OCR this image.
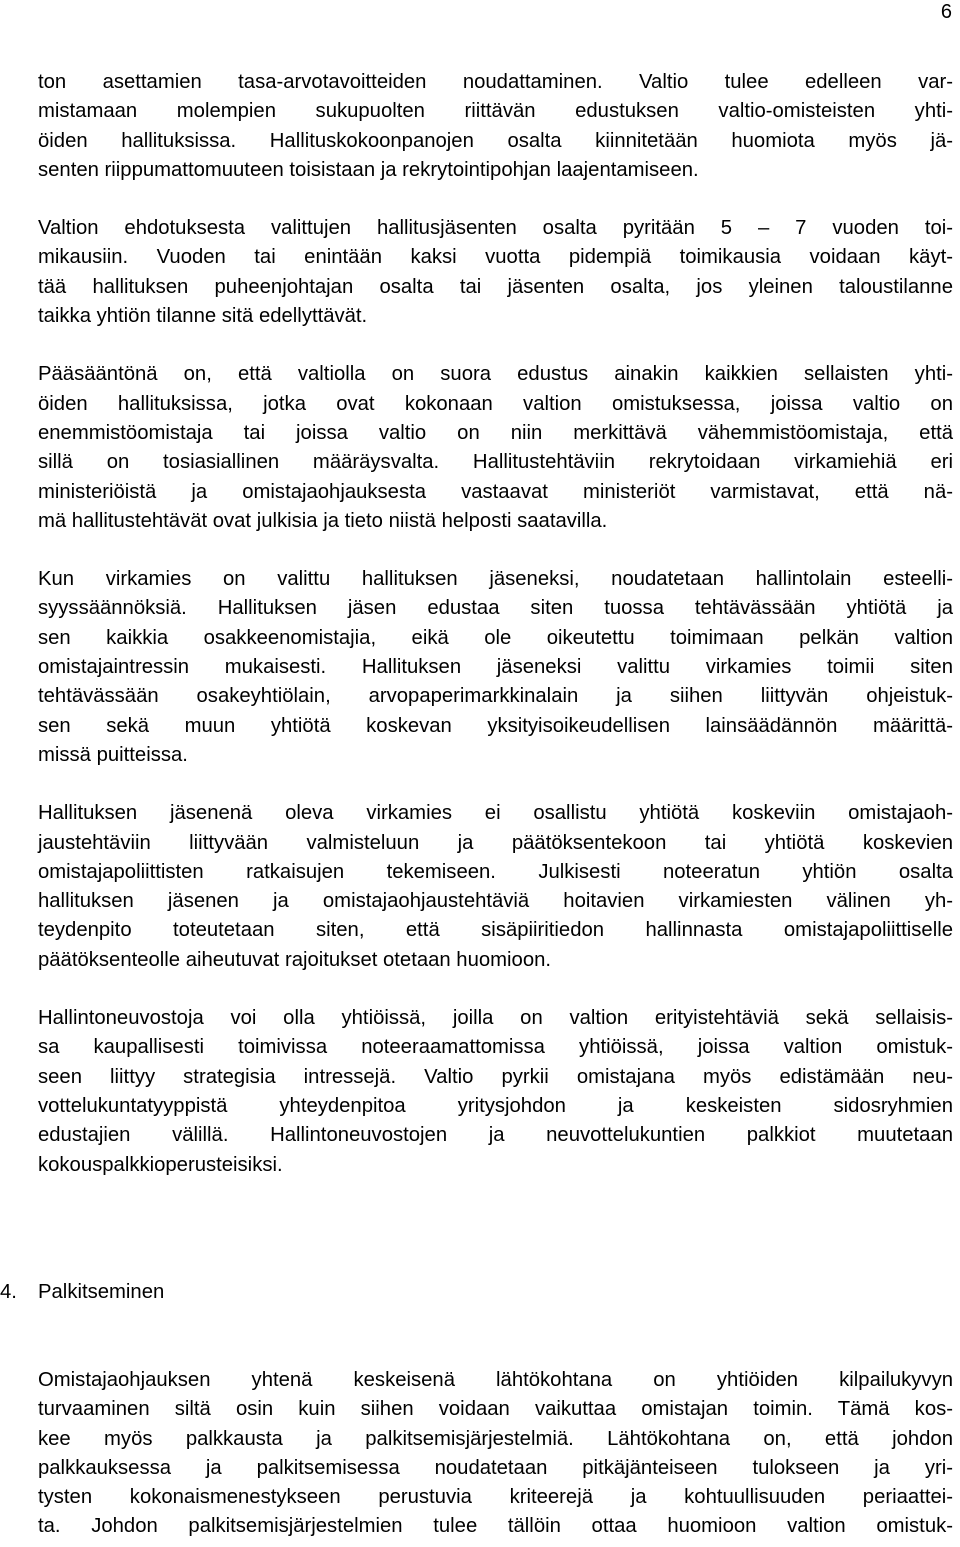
6
ton asettamien tasa-arvotavoitteiden noudattaminen. Valtio tulee edelleen var-
mistamaan molempien sukupuolten riittävän edustuksen valtio-omisteisten yhti-
öiden hallituksissa. Hallituskokoonpanojen osalta kiinnitetään huomiota myös jä-
senten riippumattomuuteen toisistaan ja rekrytointipohjan laajentamiseen.
Valtion ehdotuksesta valittujen hallitusjäsenten osalta pyritään 5 – 7 vuoden toi-
mikausiin. Vuoden tai enintään kaksi vuotta pidempiä toimikausia voidaan käyt-
tää hallituksen puheenjohtajan osalta tai jäsenten osalta, jos yleinen taloustilanne
taikka yhtiön tilanne sitä edellyttävät.
Pääsääntönä on, että valtiolla on suora edustus ainakin kaikkien sellaisten yhti-
öiden hallituksissa, jotka ovat kokonaan valtion omistuksessa, joissa valtio on
enemmistöomistaja tai joissa valtio on niin merkittävä vähemmistöomistaja, että
sillä on tosiasiallinen määräysvalta. Hallitustehtäviin rekrytoidaan virkamiehiä eri
ministeriöistä ja omistajaohjauksesta vastaavat ministeriöt varmistavat, että nä-
mä hallitustehtävät ovat julkisia ja tieto niistä helposti saatavilla.
Kun virkamies on valittu hallituksen jäseneksi, noudatetaan hallintolain esteelli-
syyssäännöksiä. Hallituksen jäsen edustaa siten tuossa tehtävässään yhtiötä ja
sen kaikkia osakkeenomistajia, eikä ole oikeutettu toimimaan pelkän valtion
omistajaintressin mukaisesti. Hallituksen jäseneksi valittu virkamies toimii siten
tehtävässään osakeyhtiölain, arvopaperimarkkinalain ja siihen liittyvän ohjeistuk-
sen sekä muun yhtiötä koskevan yksityisoikeudellisen lainsäädännön määrittä-
missä puitteissa.
Hallituksen jäsenenä oleva virkamies ei osallistu yhtiötä koskeviin omistajaoh-
jaustehtäviin liittyvään valmisteluun ja päätöksentekoon tai yhtiötä koskevien
omistajapoliittisten ratkaisujen tekemiseen. Julkisesti noteeratun yhtiön osalta
hallituksen jäsenen ja omistajaohjaustehtäviä hoitavien virkamiesten välinen yh-
teydenpito toteutetaan siten, että sisäpiiritiedon hallinnasta omistajapoliittiselle
päätöksenteolle aiheutuvat rajoitukset otetaan huomioon.
Hallintoneuvostoja voi olla yhtiöissä, joilla on valtion erityistehtäviä sekä sellaisis-
sa kaupallisesti toimivissa noteeraamattomissa yhtiöissä, joissa valtion omistuk-
seen liittyy strategisia intressejä. Valtio pyrkii omistajana myös edistämään neu-
vottelukuntatyyppistä yhteydenpitoa yritysjohdon ja keskeisten sidosryhmien
edustajien välillä. Hallintoneuvostojen ja neuvottelukuntien palkkiot muutetaan
kokouspalkkioperusteisiksi.
4. Palkitseminen
Omistajaohjauksen yhtenä keskeisenä lähtökohtana on yhtiöiden kilpailukyvyn
turvaaminen siltä osin kuin siihen voidaan vaikuttaa omistajan toimin. Tämä kos-
kee myös palkkausta ja palkitsemisjärjestelmiä. Lähtökohtana on, että johdon
palkkauksessa ja palkitsemisessa noudatetaan pitkäjänteiseen tulokseen ja yri-
tysten kokonaismenestykseen perustuvia kriteerejä ja kohtuullisuuden periaattei-
ta. Johdon palkitsemisjärjestelmien tulee tällöin ottaa huomioon valtion omistuk-
